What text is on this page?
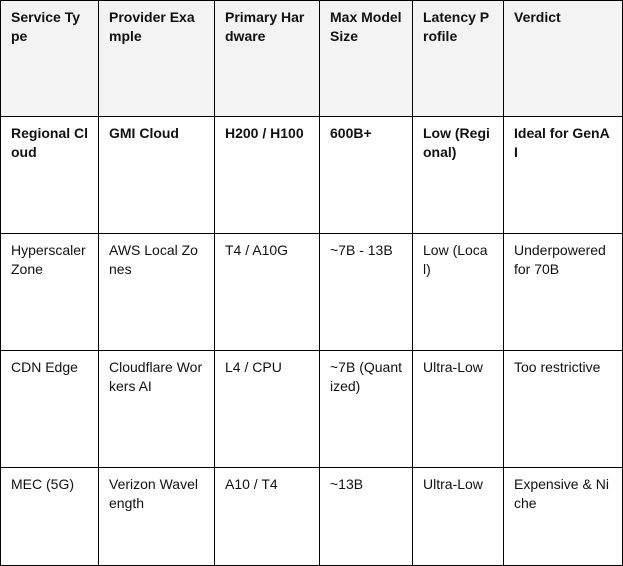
Service Type	Provider Example	Primary Hardware	Max Model Size	Latency Profile	Verdict
Regional Cloud	GMI Cloud	H200 / H100	600B+	Low (Regional)	Ideal for GenAI
Hyperscaler Zone	AWS Local Zones	T4 / A10G	~7B - 13B	Low (Local)	Underpowered for 70B
CDN Edge	Cloudflare Workers AI	L4 / CPU	~7B (Quantized)	Ultra-Low	Too restrictive
MEC (5G)	Verizon Wavelength	A10 / T4	~13B	Ultra-Low	Expensive & Niche
